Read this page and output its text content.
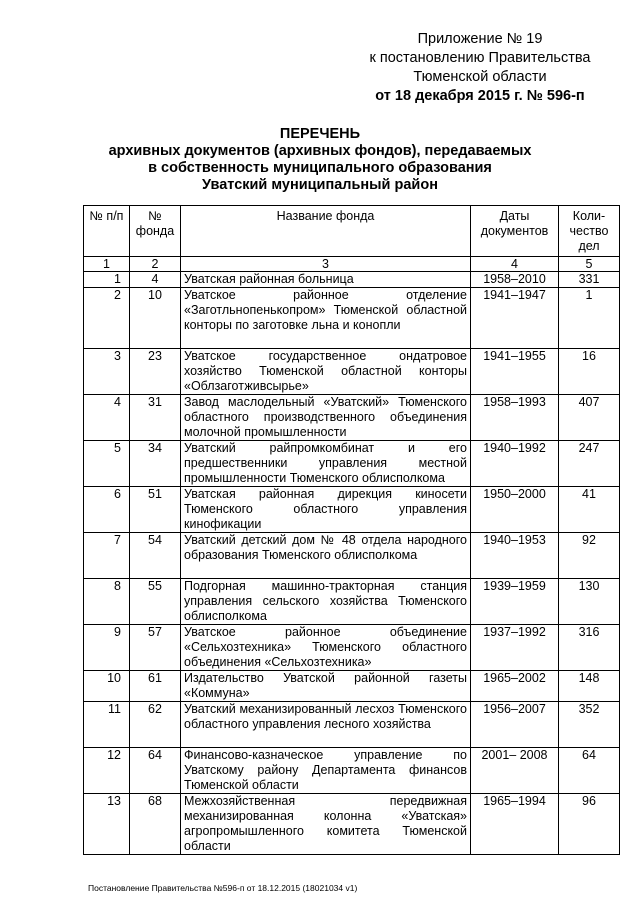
Приложение № 19
к постановлению Правительства
Тюменской области
от 18 декабря 2015 г. № 596-п
ПЕРЕЧЕНЬ
архивных документов (архивных фондов), передаваемых
в собственность муниципального образования
Уватский муниципальный район
№ п/п	№ фонда	Название фонда	Даты документов	Коли-чество дел
1	2	3	4	5
1	4	Уватская районная больница	1958–2010	331
2	10	Уватское районное отделение «Заготльнопенькопром» Тюменской областной конторы по заготовке льна и конопли	1941–1947	1
3	23	Уватское государственное ондатровое хозяйство Тюменской областной конторы «Облзаготживсырье»	1941–1955	16
4	31	Завод маслодельный «Уватский» Тюменского областного производственного объединения молочной промышленности	1958–1993	407
5	34	Уватский райпромкомбинат и его предшественники управления местной промышленности Тюменского облисполкома	1940–1992	247
6	51	Уватская районная дирекция киносети Тюменского областного управления кинофикации	1950–2000	41
7	54	Уватский детский дом № 48 отдела народного образования Тюменского облисполкома	1940–1953	92
8	55	Подгорная машинно-тракторная станция управления сельского хозяйства Тюменского облисполкома	1939–1959	130
9	57	Уватское районное объединение «Сельхозтехника» Тюменского областного объединения «Сельхозтехника»	1937–1992	316
10	61	Издательство Уватской районной газеты «Коммуна»	1965–2002	148
11	62	Уватский механизированный лесхоз Тюменского областного управления лесного хозяйства	1956–2007	352
12	64	Финансово-казначеское управление по Уватскому району Департамента финансов Тюменской области	2001– 2008	64
13	68	Межхозяйственная передвижная механизированная колонна «Уватская» агропромышленного комитета Тюменской области	1965–1994	96
Постановление Правительства №596-п от 18.12.2015 (18021034 v1)
